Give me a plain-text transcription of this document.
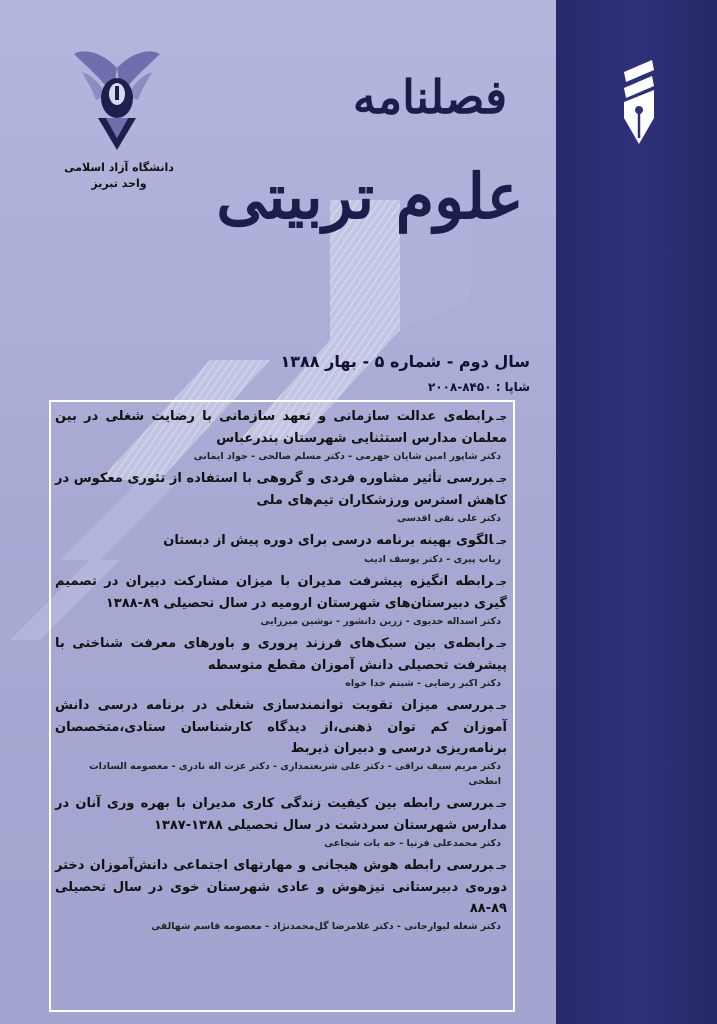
دانشگاه آزاد اسلامی
واحد تبریز
فصلنامه
علوم تربیتی
سال دوم - شماره ۵ - بهار ۱۳۸۸
شاپا : ۸۴۵۰-۲۰۰۸
جـرابطه‌ی عدالت سازمانی و تعهد سازمانی با رضایت شغلی در بین معلمان مدارس استثنایی شهرستان بندرعباس
دکتر شاپور امین شایان جهرمی - دکتر مسلم صالحی - جواد ایمانی
جـبررسی تأثیر مشاوره فردی و گروهی با استفاده از تئوری معکوس در کاهش استرس ورزشکاران تیم‌های ملی
دکتر علی نقی اقدسی
جـالگوی بهینه برنامه درسی برای دوره پیش از دبستان
رباب پیری - دکتر یوسف ادیب
جـرابطه انگیزه پیشرفت مدیران با میزان مشارکت دبیران در تصمیم گیری دبیرستان‌های شهرستان ارومیه در سال تحصیلی ۸۹-۱۳۸۸
دکتر اسداله خدیوی - زرین دانشور - نوشین میرزایی
جـرابطه‌ی بین سبک‌های فرزند پروری و باورهای معرفت شناختی با پیشرفت تحصیلی دانش آموزان مقطع متوسطه
دکتر اکبر رضایی - شبنم خدا خواه
جـبررسی میزان تقویت توانمندسازی شغلی در برنامه درسی دانش آموزان کم توان ذهنی،از دیدگاه کارشناسان ستادی،متخصصان برنامه‌ریزی درسی و دبیران ذیربط
دکتر مریم سیف نراقی - دکتر علی شریعتمداری - دکتر عزت اله نادری - معصومه السادات ابطحی
جـبررسی رابطه بین کیفیت زندگی کاری مدیران با بهره وری آنان در مدارس شهرستان سردشت در سال تحصیلی ۱۳۸۸-۱۳۸۷
دکتر محمدعلی فرنیا - خه بات شجاعی
جـبررسی رابطه هوش هیجانی و مهارتهای اجتماعی دانش‌آموزان دختر دوره‌ی دبیرستانی تیزهوش و عادی شهرستان خوی در سال تحصیلی ۸۹-۸۸
دکتر شعله لیوارجانی - دکتر غلامرضا گل‌محمدنژاد - معصومه قاسم شهالقی
